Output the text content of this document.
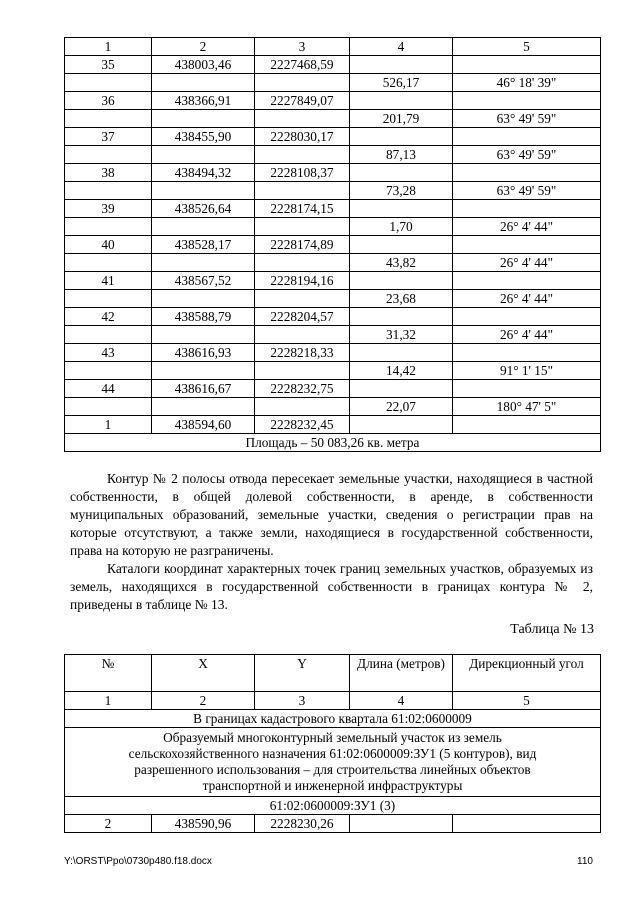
1	2	3	4	5
35	438003,46	2227468,59		
			526,17	46° 18' 39"
36	438366,91	2227849,07		
			201,79	63° 49' 59"
37	438455,90	2228030,17		
			87,13	63° 49' 59"
38	438494,32	2228108,37		
			73,28	63° 49' 59"
39	438526,64	2228174,15		
			1,70	26° 4' 44"
40	438528,17	2228174,89		
			43,82	26° 4' 44"
41	438567,52	2228194,16		
			23,68	26° 4' 44"
42	438588,79	2228204,57		
			31,32	26° 4' 44"
43	438616,93	2228218,33		
			14,42	91° 1' 15"
44	438616,67	2228232,75		
			22,07	180° 47' 5"
1	438594,60	2228232,45		
Площадь – 50 083,26 кв. метра				

Контур № 2 полосы отвода пересекает земельные участки, находящиеся в частной собственности, в общей долевой собственности, в аренде, в собственности муниципальных образований, земельные участки, сведения о регистрации прав на которые отсутствуют, а также земли, находящиеся в государственной собственности, права на которую не разграничены.

Каталоги координат характерных точек границ земельных участков, образуемых из земель, находящихся в государственной собственности в границах контура № 2, приведены в таблице № 13.

Таблица № 13
№	X	Y	Длина (метров)	Дирекционный угол
1	2	3	4	5
В границах кадастрового квартала 61:02:0600009				
Образуемый многоконтурный земельный участок из земель сельскохозяйственного назначения 61:02:0600009:ЗУ1 (5 контуров), вид разрешенного использования – для строительства линейных объектов транспортной и инженерной инфраструктуры				
61:02:0600009:ЗУ1 (3)				
2	438590,96	2228230,26		
Y:\ORST\Ppo\0730p480.f18.docx	110
